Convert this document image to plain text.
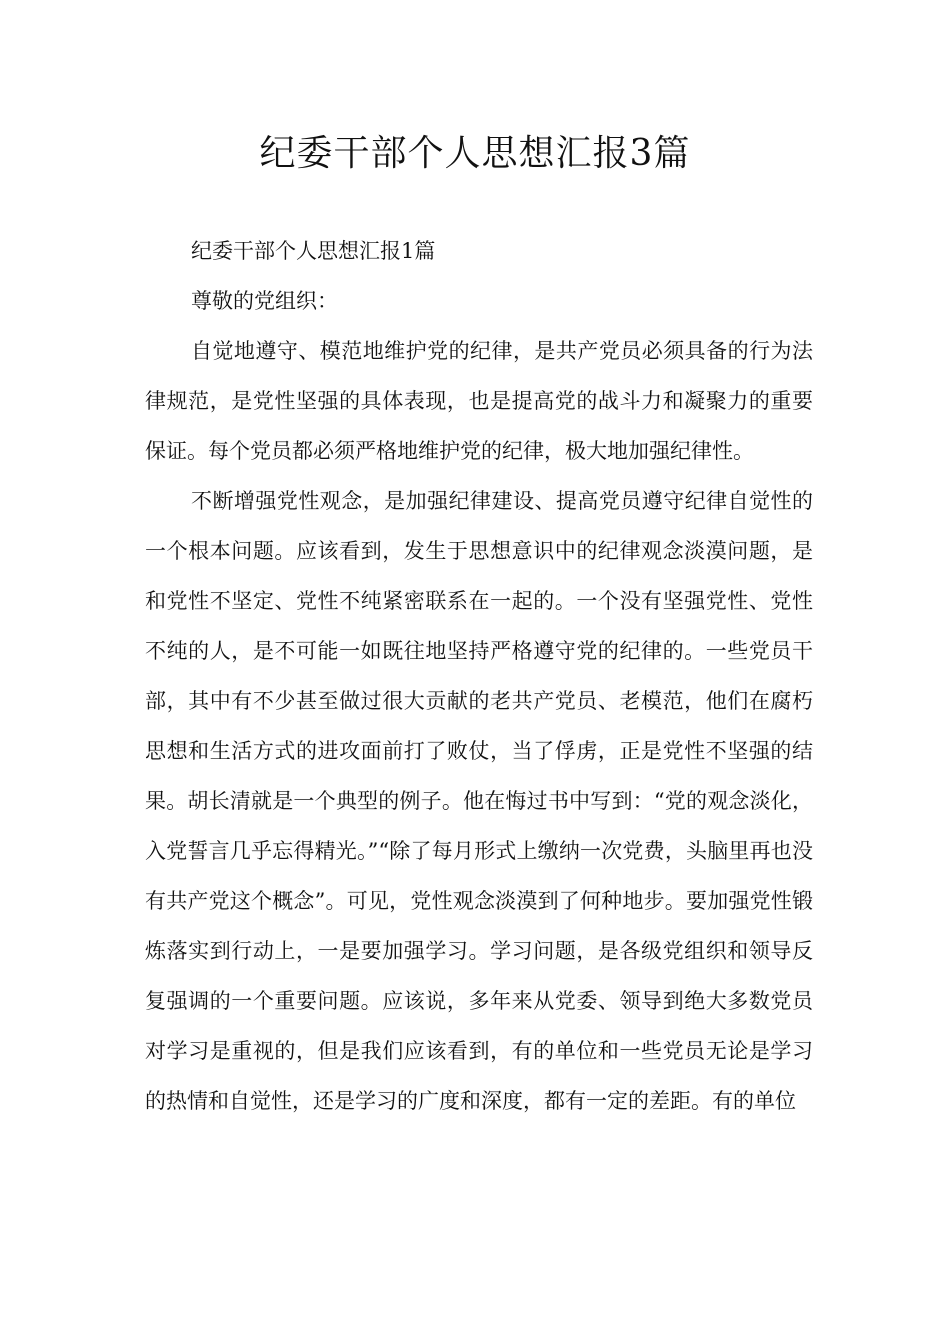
纪委干部个人思想汇报3篇

纪委干部个人思想汇报1篇

尊敬的党组织：

自觉地遵守、模范地维护党的纪律，是共产党员必须具备的行为法律规范，是党性坚强的具体表现，也是提高党的战斗力和凝聚力的重要保证。每个党员都必须严格地维护党的纪律，极大地加强纪律性。

不断增强党性观念，是加强纪律建设、提高党员遵守纪律自觉性的一个根本问题。应该看到，发生于思想意识中的纪律观念淡漠问题，是和党性不坚定、党性不纯紧密联系在一起的。一个没有坚强党性、党性不纯的人，是不可能一如既往地坚持严格遵守党的纪律的。一些党员干部，其中有不少甚至做过很大贡献的老共产党员、老模范，他们在腐朽思想和生活方式的进攻面前打了败仗，当了俘虏，正是党性不坚强的结果。胡长清就是一个典型的例子。他在悔过书中写到：“党的观念淡化，入党誓言几乎忘得精光。”“除了每月形式上缴纳一次党费，头脑里再也没有共产党这个概念”。可见，党性观念淡漠到了何种地步。要加强党性锻炼落实到行动上，一是要加强学习。学习问题，是各级党组织和领导反复强调的一个重要问题。应该说，多年来从党委、领导到绝大多数党员对学习是重视的，但是我们应该看到，有的单位和一些党员无论是学习的热情和自觉性，还是学习的广度和深度，都有一定的差距。有的单位
